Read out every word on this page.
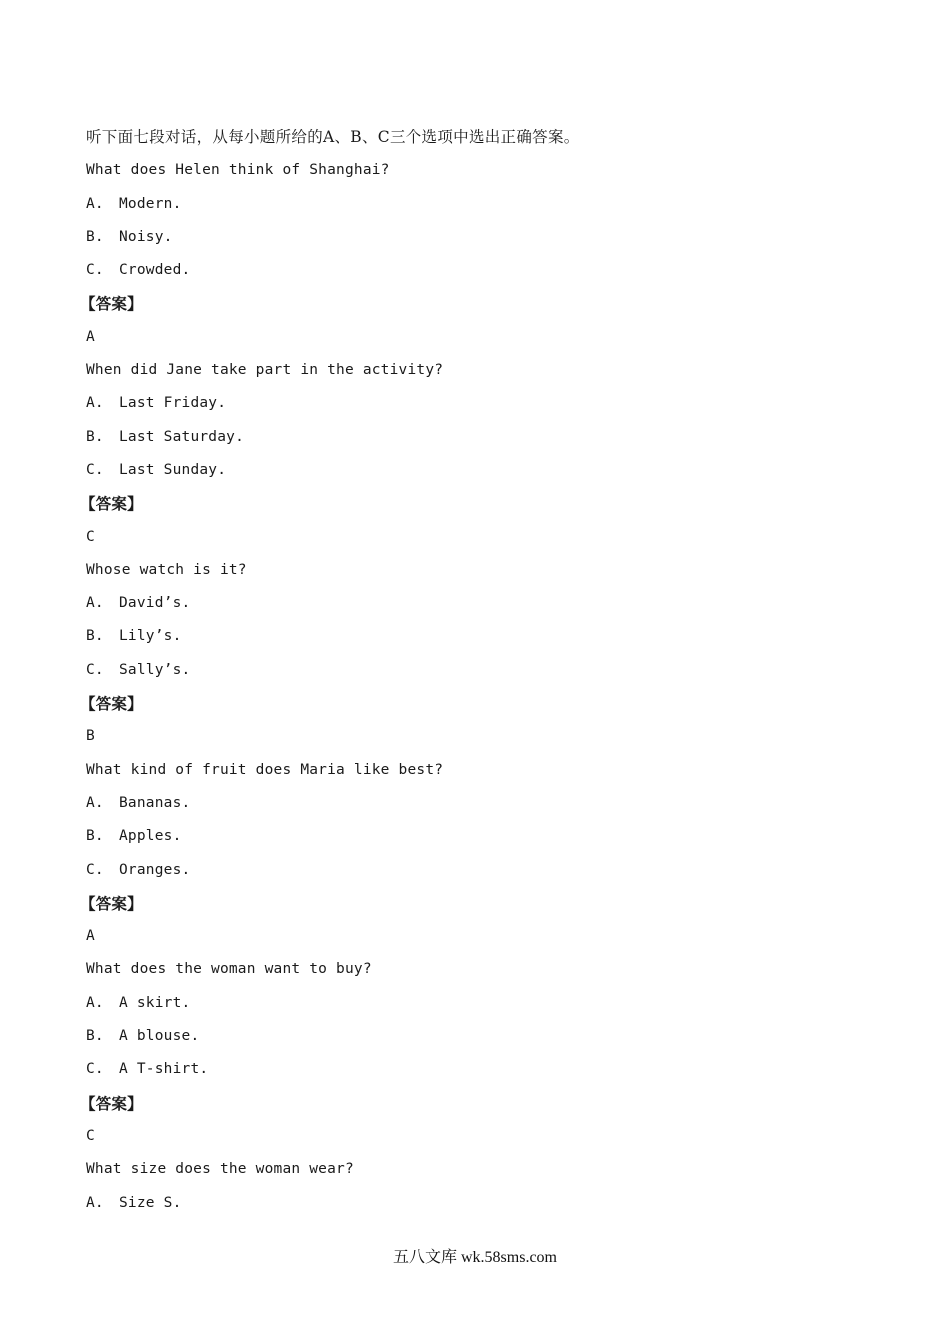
听下面七段对话，从每小题所给的A、B、C三个选项中选出正确答案。
What does Helen think of Shanghai?
A. Modern.
B. Noisy.
C. Crowded.
【答案】
A
When did Jane take part in the activity?
A. Last Friday.
B. Last Saturday.
C. Last Sunday.
【答案】
C
Whose watch is it?
A. David’s.
B. Lily’s.
C. Sally’s.
【答案】
B
What kind of fruit does Maria like best?
A. Bananas.
B. Apples.
C. Oranges.
【答案】
A
What does the woman want to buy?
A. A skirt.
B. A blouse.
C. A T-shirt.
【答案】
C
What size does the woman wear?
A. Size S.
五八文库 wk.58sms.com
